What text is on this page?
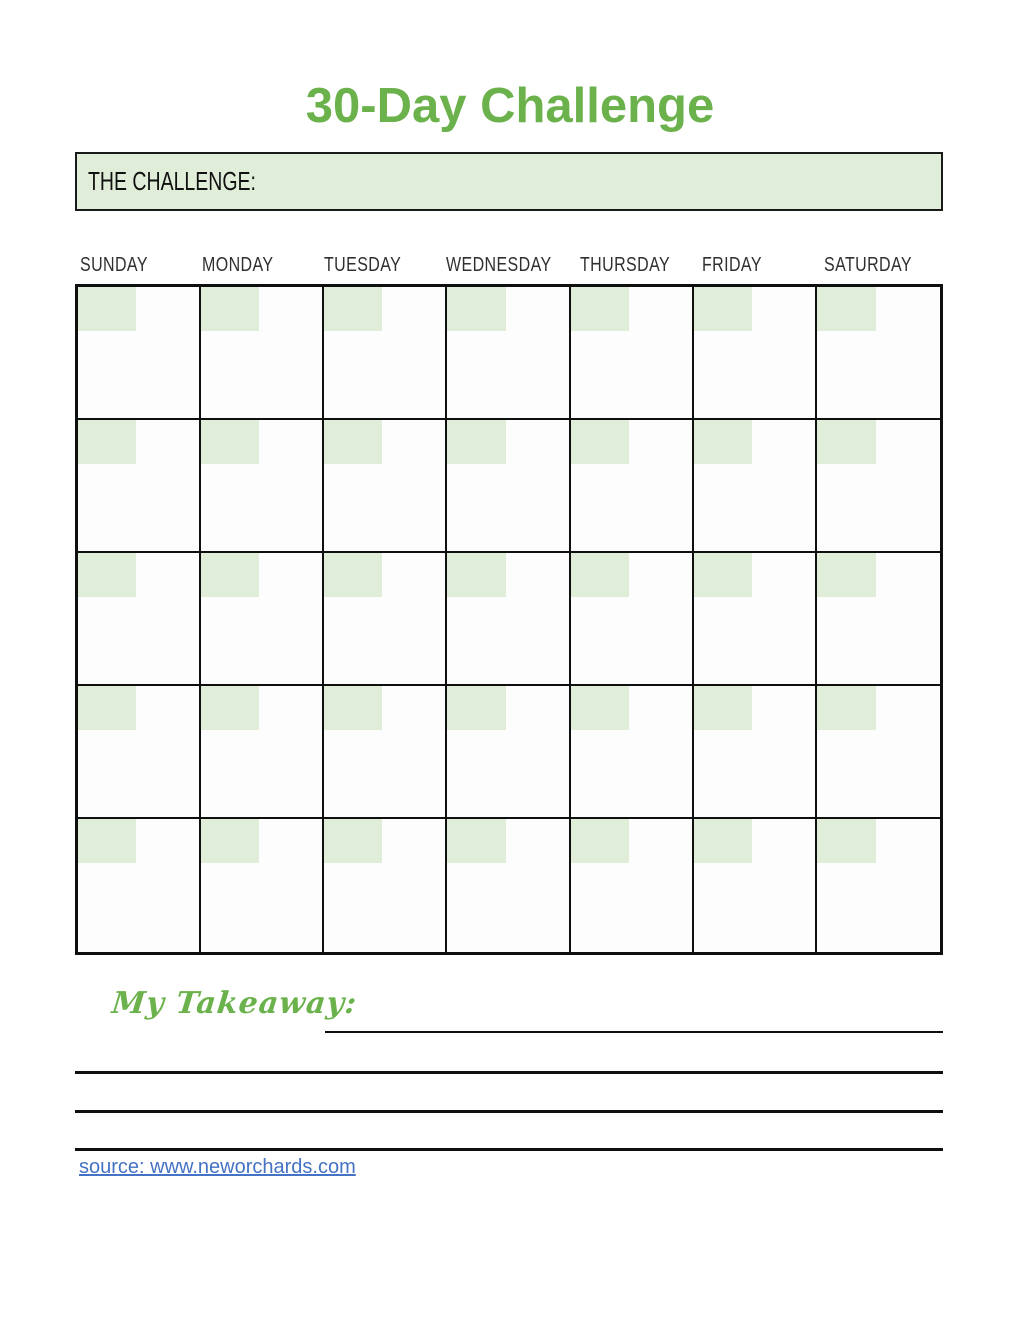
30-Day Challenge
THE CHALLENGE:
SUNDAY	MONDAY	TUESDAY	WEDNESDAY	THURSDAY	FRIDAY	SATURDAY
My Takeaway:
source: www.neworchards.com
